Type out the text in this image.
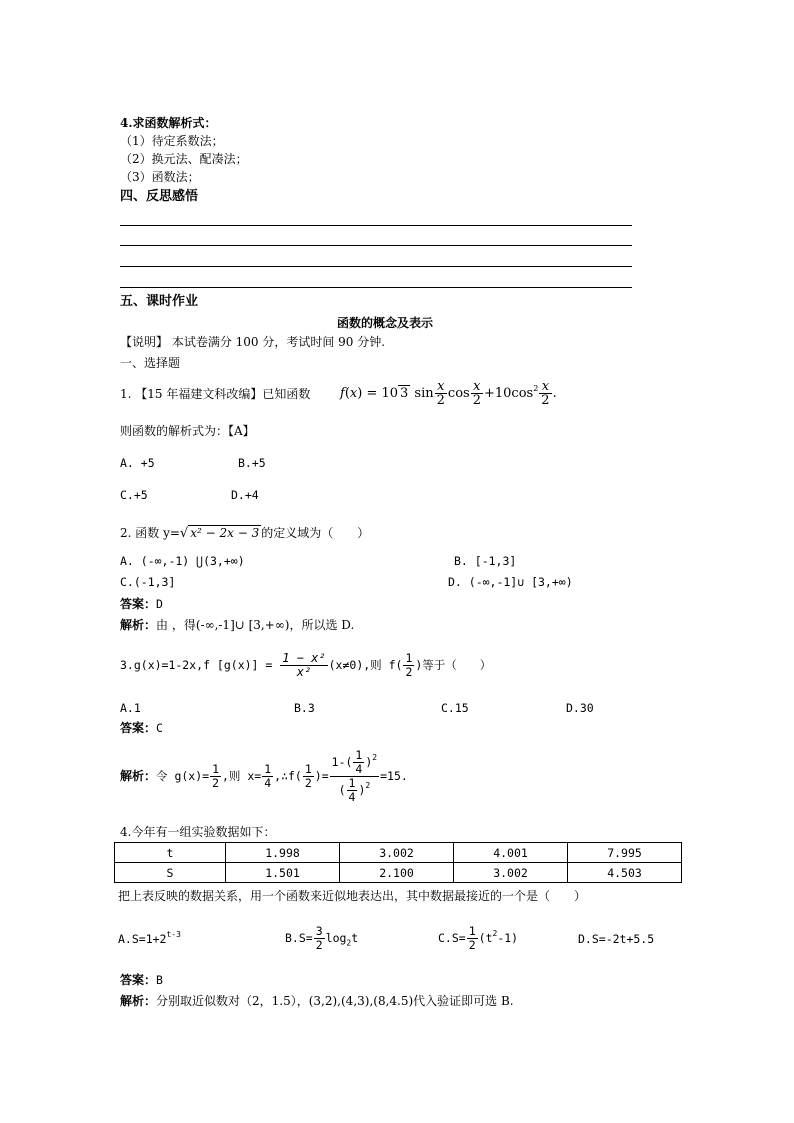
4.求函数解析式：
（1）待定系数法；
（2）换元法、配凑法；
（3）函数法；
四、反思感悟
五、课时作业
函数的概念及表示
【说明】 本试卷满分 100 分，考试时间 90 分钟.
一、选择题
1. 【15 年福建文科改编】已知函数 f(x) = 10 3 $\sin \frac{x}{2}$ $\cos \frac{x}{2} +10\cos^2 \frac{x}{2}$ .
则函数的解析式为：【A】
A. +5	B.+5
C.+5	D.+4
2. 函数 y=√ x² − 2x − 3 的定义域为（　　）
A. (-∞,-1) ⋃(3,+∞)	B. [-1,3]
C.(-1,3]	D. (-∞,-1]∪ [3,+∞)
答案：D
解析：由 ，得(-∞,-1]∪ [3,+∞)，所以选 D.
3.g(x)=1-2x,f $[g(x)] = \frac{\text{1 − x²}}{\text{x²}} (x\ne 0)$,则 $f( \frac{1}{2}$ )等于（　　）
A.1	B.3	C.15	D.30
答案：C
解析：令 $g(x)= \frac{1}{2}$ ,则 $x= \frac{1}{4}$ ,∴f( $\frac{1}{2}$ )= $\frac{1-( \frac{1}{4} )^2}{( \frac{1}{4} )^2} =15$.
4.今年有一组实验数据如下：
t	1.998	3.002	4.001	7.995
S	1.501	2.100	3.002	4.503
把上表反映的数据关系，用一个函数来近似地表达出，其中数据最接近的一个是（　　）
$A.S=1+2^{t-3}$	$B.S= \frac{3}{2} \log_2t$	$C.S= \frac{1}{2} (t^2-1)$	D.S=-2t+5.5
答案：B
解析：分别取近似数对（2，1.5），(3,2),(4,3),(8,4.5)代入验证即可选 B.
